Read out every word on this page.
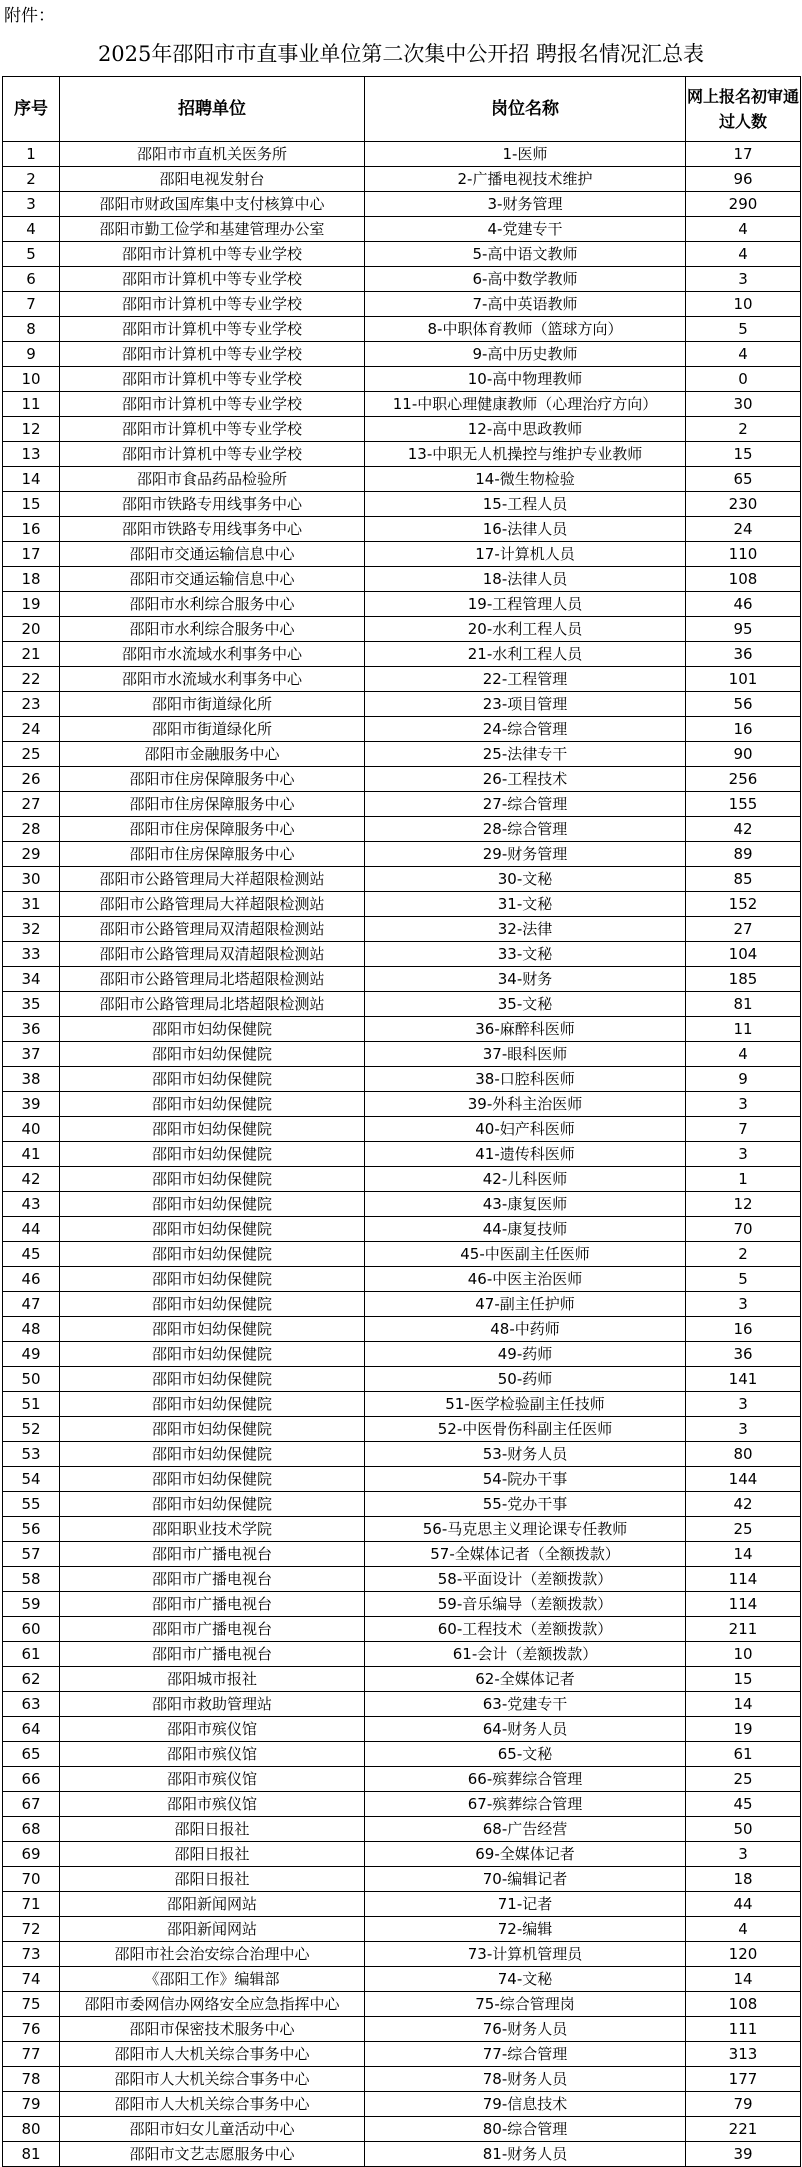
附件：
2025年邵阳市市直事业单位第二次集中公开招 聘报名情况汇总表
序号	招聘单位	岗位名称	网上报名初审通过人数
1	邵阳市市直机关医务所	1-医师	17
2	邵阳电视发射台	2-广播电视技术维护	96
3	邵阳市财政国库集中支付核算中心	3-财务管理	290
4	邵阳市勤工俭学和基建管理办公室	4-党建专干	4
5	邵阳市计算机中等专业学校	5-高中语文教师	4
6	邵阳市计算机中等专业学校	6-高中数学教师	3
7	邵阳市计算机中等专业学校	7-高中英语教师	10
8	邵阳市计算机中等专业学校	8-中职体育教师（篮球方向）	5
9	邵阳市计算机中等专业学校	9-高中历史教师	4
10	邵阳市计算机中等专业学校	10-高中物理教师	0
11	邵阳市计算机中等专业学校	11-中职心理健康教师（心理治疗方向）	30
12	邵阳市计算机中等专业学校	12-高中思政教师	2
13	邵阳市计算机中等专业学校	13-中职无人机操控与维护专业教师	15
14	邵阳市食品药品检验所	14-微生物检验	65
15	邵阳市铁路专用线事务中心	15-工程人员	230
16	邵阳市铁路专用线事务中心	16-法律人员	24
17	邵阳市交通运输信息中心	17-计算机人员	110
18	邵阳市交通运输信息中心	18-法律人员	108
19	邵阳市水利综合服务中心	19-工程管理人员	46
20	邵阳市水利综合服务中心	20-水利工程人员	95
21	邵阳市水流域水利事务中心	21-水利工程人员	36
22	邵阳市水流域水利事务中心	22-工程管理	101
23	邵阳市街道绿化所	23-项目管理	56
24	邵阳市街道绿化所	24-综合管理	16
25	邵阳市金融服务中心	25-法律专干	90
26	邵阳市住房保障服务中心	26-工程技术	256
27	邵阳市住房保障服务中心	27-综合管理	155
28	邵阳市住房保障服务中心	28-综合管理	42
29	邵阳市住房保障服务中心	29-财务管理	89
30	邵阳市公路管理局大祥超限检测站	30-文秘	85
31	邵阳市公路管理局大祥超限检测站	31-文秘	152
32	邵阳市公路管理局双清超限检测站	32-法律	27
33	邵阳市公路管理局双清超限检测站	33-文秘	104
34	邵阳市公路管理局北塔超限检测站	34-财务	185
35	邵阳市公路管理局北塔超限检测站	35-文秘	81
36	邵阳市妇幼保健院	36-麻醉科医师	11
37	邵阳市妇幼保健院	37-眼科医师	4
38	邵阳市妇幼保健院	38-口腔科医师	9
39	邵阳市妇幼保健院	39-外科主治医师	3
40	邵阳市妇幼保健院	40-妇产科医师	7
41	邵阳市妇幼保健院	41-遗传科医师	3
42	邵阳市妇幼保健院	42-儿科医师	1
43	邵阳市妇幼保健院	43-康复医师	12
44	邵阳市妇幼保健院	44-康复技师	70
45	邵阳市妇幼保健院	45-中医副主任医师	2
46	邵阳市妇幼保健院	46-中医主治医师	5
47	邵阳市妇幼保健院	47-副主任护师	3
48	邵阳市妇幼保健院	48-中药师	16
49	邵阳市妇幼保健院	49-药师	36
50	邵阳市妇幼保健院	50-药师	141
51	邵阳市妇幼保健院	51-医学检验副主任技师	3
52	邵阳市妇幼保健院	52-中医骨伤科副主任医师	3
53	邵阳市妇幼保健院	53-财务人员	80
54	邵阳市妇幼保健院	54-院办干事	144
55	邵阳市妇幼保健院	55-党办干事	42
56	邵阳职业技术学院	56-马克思主义理论课专任教师	25
57	邵阳市广播电视台	57-全媒体记者（全额拨款）	14
58	邵阳市广播电视台	58-平面设计（差额拨款）	114
59	邵阳市广播电视台	59-音乐编导（差额拨款）	114
60	邵阳市广播电视台	60-工程技术（差额拨款）	211
61	邵阳市广播电视台	61-会计（差额拨款）	10
62	邵阳城市报社	62-全媒体记者	15
63	邵阳市救助管理站	63-党建专干	14
64	邵阳市殡仪馆	64-财务人员	19
65	邵阳市殡仪馆	65-文秘	61
66	邵阳市殡仪馆	66-殡葬综合管理	25
67	邵阳市殡仪馆	67-殡葬综合管理	45
68	邵阳日报社	68-广告经营	50
69	邵阳日报社	69-全媒体记者	3
70	邵阳日报社	70-编辑记者	18
71	邵阳新闻网站	71-记者	44
72	邵阳新闻网站	72-编辑	4
73	邵阳市社会治安综合治理中心	73-计算机管理员	120
74	《邵阳工作》编辑部	74-文秘	14
75	邵阳市委网信办网络安全应急指挥中心	75-综合管理岗	108
76	邵阳市保密技术服务中心	76-财务人员	111
77	邵阳市人大机关综合事务中心	77-综合管理	313
78	邵阳市人大机关综合事务中心	78-财务人员	177
79	邵阳市人大机关综合事务中心	79-信息技术	79
80	邵阳市妇女儿童活动中心	80-综合管理	221
81	邵阳市文艺志愿服务中心	81-财务人员	39
